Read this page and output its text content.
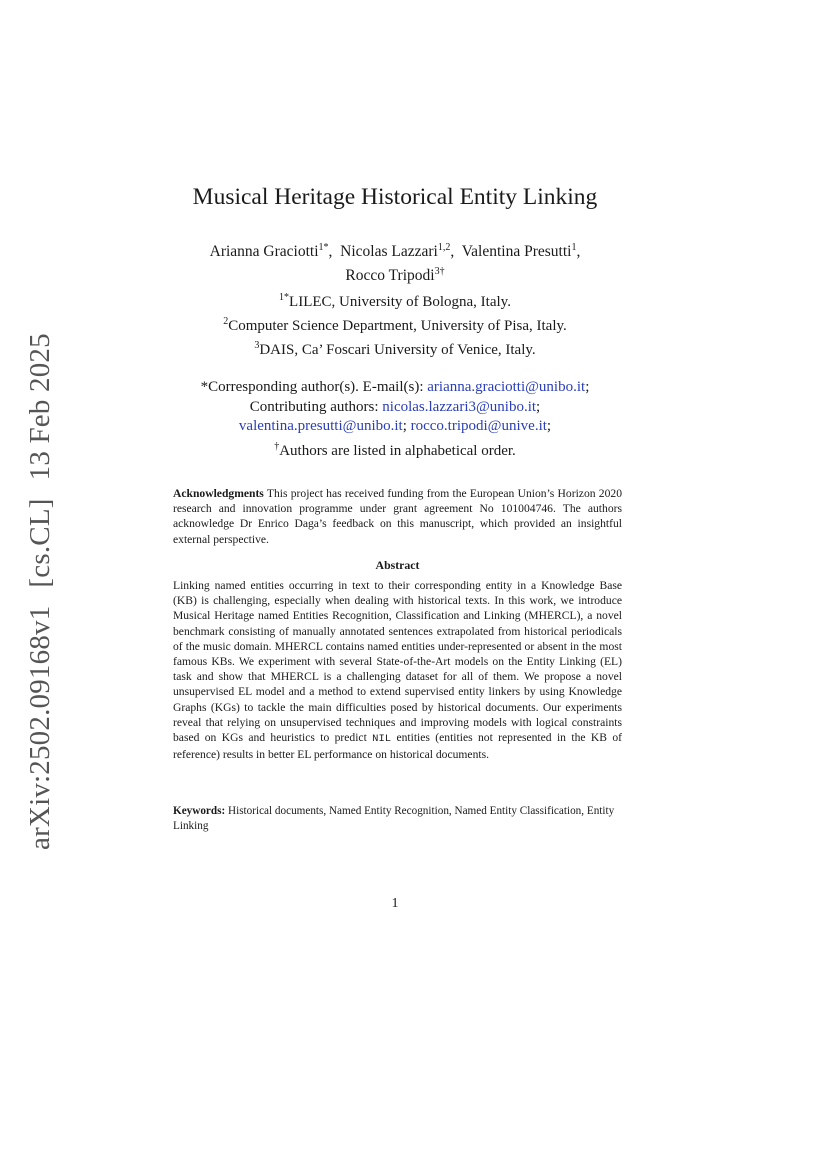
arXiv:2502.09168v1[cs.CL]13 Feb 2025
Musical Heritage Historical Entity Linking
Arianna Graciotti$^{1*}$,  Nicolas Lazzari$^{1,2}$,  Valentina Presutti$^1$,
Rocco Tripodi$^{3\dagger}$
$^{1*}$LILEC, University of Bologna, Italy.
$^2$Computer Science Department, University of Pisa, Italy.
$^3$DAIS, Ca’ Foscari University of Venice, Italy.
*Corresponding author(s). E-mail(s): arianna.graciotti@unibo.it;
Contributing authors: nicolas.lazzari3@unibo.it;
valentina.presutti@unibo.it; rocco.tripodi@unive.it;
†Authors are listed in alphabetical order.
Acknowledgments This project has received funding from the European Union’s Horizon 2020 research and innovation programme under grant agreement No 101004746. The authors acknowledge Dr Enrico Daga’s feedback on this manuscript, which provided an insightful external perspective.
Abstract
Linking named entities occurring in text to their corresponding entity in a Knowledge Base (KB) is challenging, especially when dealing with historical texts. In this work, we introduce Musical Heritage named Entities Recognition, Classification and Linking (MHERCL), a novel benchmark consisting of manually annotated sentences extrapolated from historical periodicals of the music domain. MHERCL contains named entities under-represented or absent in the most famous KBs. We experiment with several State-of-the-Art models on the Entity Linking (EL) task and show that MHERCL is a challenging dataset for all of them. We propose a novel unsupervised EL model and a method to extend supervised entity linkers by using Knowledge Graphs (KGs) to tackle the main difficulties posed by historical documents. Our experiments reveal that relying on unsupervised techniques and improving models with logical constraints based on KGs and heuristics to predict NIL entities (entities not represented in the KB of reference) results in better EL performance on historical documents.
Keywords: Historical documents, Named Entity Recognition, Named Entity Classification, Entity Linking
1
